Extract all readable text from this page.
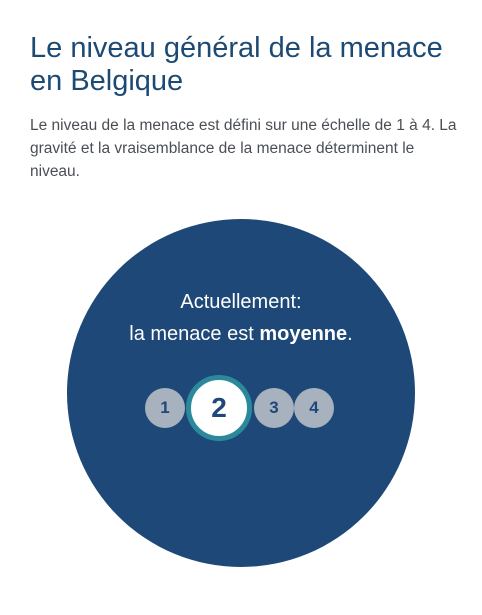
Le niveau général de la menace en Belgique

Le niveau de la menace est défini sur une échelle de 1 à 4. La gravité et la vraisemblance de la menace déterminent le niveau.

Actuellement:
la menace est moyenne.
1	2	3	4
